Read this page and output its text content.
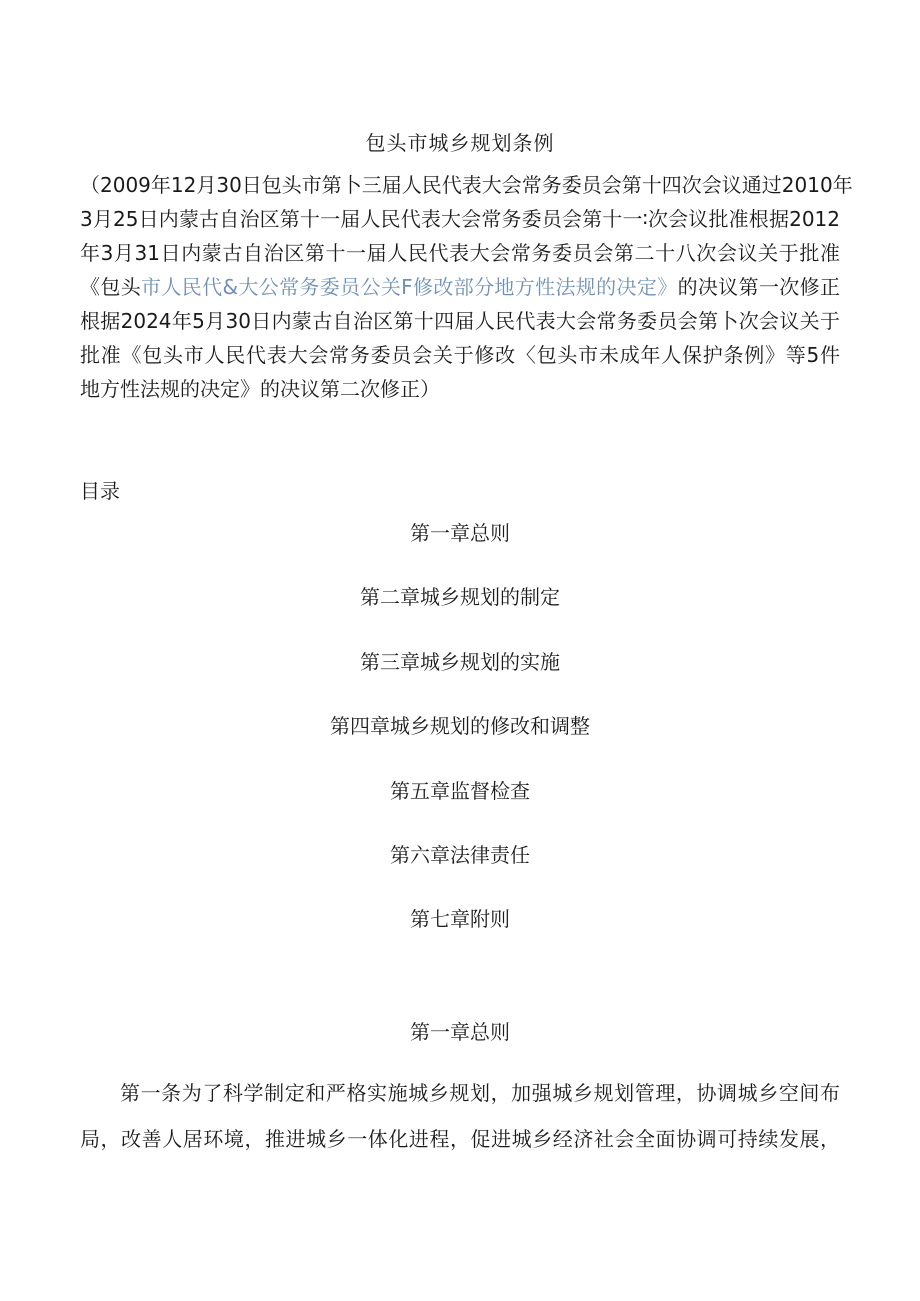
包头市城乡规划条例
（2009年12月30日包头市第卜三届人民代表大会常务委员会第十四次会议通过2010年
3月25日内蒙古自治区第十一届人民代表大会常务委员会第十一∶次会议批准根据2012
年3月31日内蒙古自治区第十一届人民代表大会常务委员会第二十八次会议关于批准
《包头市人民代&大公常务委员公关F修改部分地方性法规的决定》的决议第一次修正
根据2024年5月30日内蒙古自治区第十四届人民代表大会常务委员会第卜次会议关于
批准《包头市人民代表大会常务委员会关于修改〈包头市未成年人保护条例》等5件
地方性法规的决定》的决议第二次修正）
目录
第一章总则
第二章城乡规划的制定
第三章城乡规划的实施
第四章城乡规划的修改和调整
第五章监督检查
第六章法律责任
第七章附则
第一章总则
第一条为了科学制定和严格实施城乡规划，加强城乡规划管理，协调城乡空间布
局，改善人居环境，推进城乡一体化进程，促进城乡经济社会全面协调可持续发展，
